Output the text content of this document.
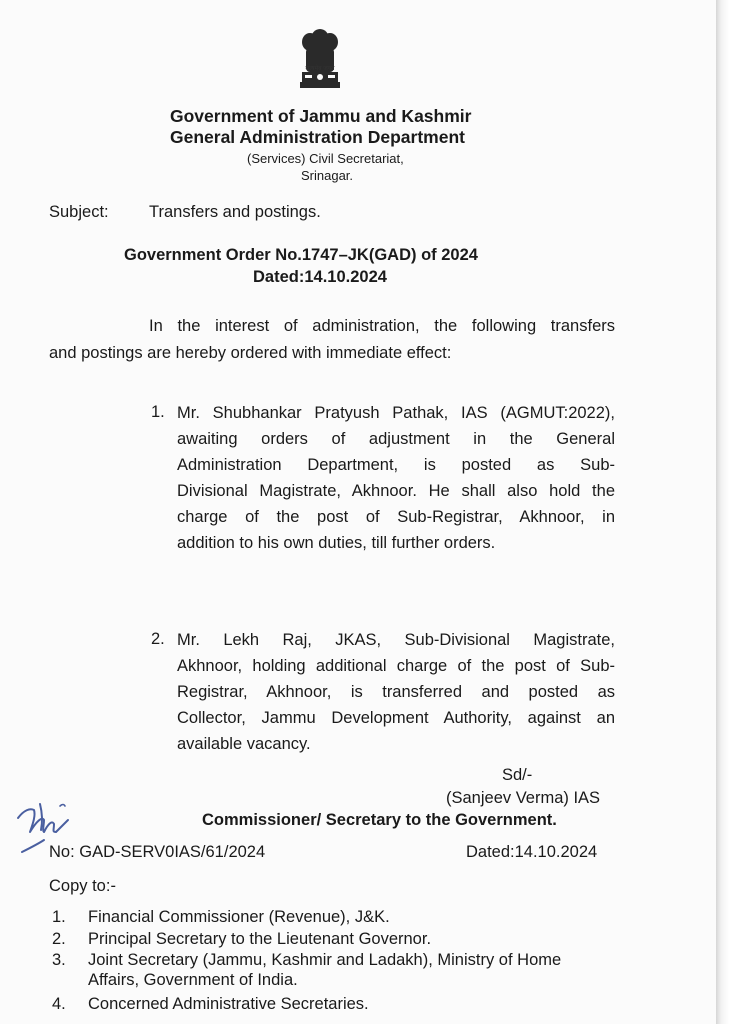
सत्यमेव जयते
Government of Jammu and Kashmir
General Administration Department
(Services) Civil Secretariat,
Srinagar.
Subject: Transfers and postings.
Government Order No.1747–JK(GAD) of 2024
Dated:14.10.2024
In the interest of administration, the following transfers
and postings are hereby ordered with immediate effect:
1. Mr. Shubhankar Pratyush Pathak, IAS (AGMUT:2022),
awaiting orders of adjustment in the General
Administration Department, is posted as Sub-
Divisional Magistrate, Akhnoor. He shall also hold the
charge of the post of Sub-Registrar, Akhnoor, in
addition to his own duties, till further orders.
2. Mr. Lekh Raj, JKAS, Sub-Divisional Magistrate,
Akhnoor, holding additional charge of the post of Sub-
Registrar, Akhnoor, is transferred and posted as
Collector, Jammu Development Authority, against an
available vacancy.
Sd/-
(Sanjeev Verma) IAS
Commissioner/ Secretary to the Government.
No: GAD-SERV0IAS/61/2024	Dated:14.10.2024
Copy to:-
1. Financial Commissioner (Revenue), J&K.
2. Principal Secretary to the Lieutenant Governor.
3. Joint Secretary (Jammu, Kashmir and Ladakh), Ministry of Home
Affairs, Government of India.
4. Concerned Administrative Secretaries.
